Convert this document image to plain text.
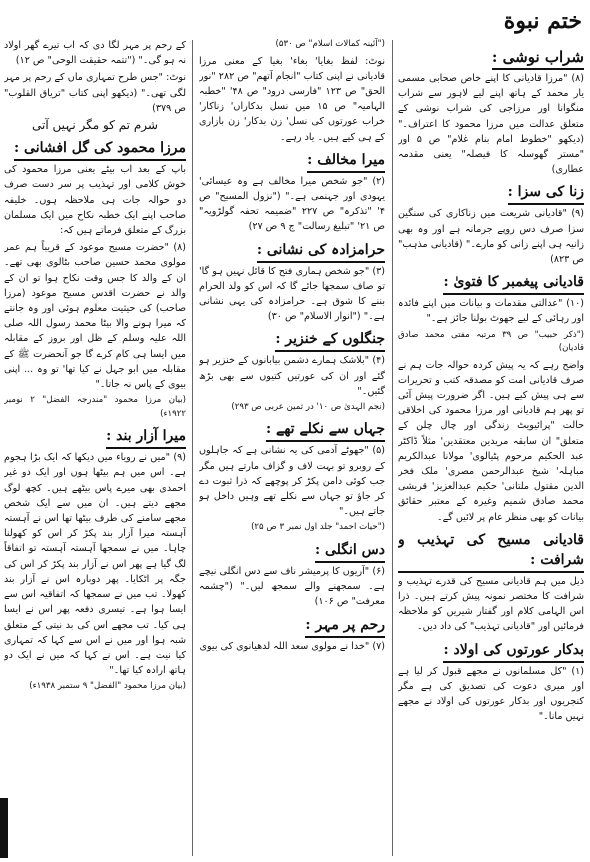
ختم نبوة
شراب نوشی :

(۸) "مرزا قادیانی کا اپنے خاص صحابی مسمی یار محمد کے ہاتھ اپنے لیے لاہور سے شراب منگوانا اور مرزاجی کی شراب نوشی کے متعلق عدالت میں مرزا محمود کا اعتراف۔" (دیکھو "خطوط امام بنام غلام" ص ۵ اور "مستر گھوسلہ کا فیصلہ" یعنی مقدمہ عطاری)

زنا کی سزا :

(۹) "قادیانی شریعت میں زناکاری کی سنگین سزا صرف دس روپے جرمانہ ہے اور وہ بھی زانیہ ہی اپنے زانی کو مارے۔" (قادیانی مذہب" ص ۸۲۳)

قادیانی پیغمبر کا فتویٰ :

(۱۰) "عدالتی مقدمات و بیانات میں اپنے فائدہ اور رہائی کے لیے جھوٹ بولنا جائز ہے۔"

("ذکر حبیب" ص ۳۹ مرتبہ مفتی محمد صادق قادیان)

واضح رہے کہ یہ پیش کردہ حوالہ جات ہم نے صرف قادیانی امت کو مصدقہ کتب و تحریرات سے ہی پیش کیے ہیں۔ اگر ضرورت پیش آئی تو پھر ہم قادیانی اور مرزا محمود کی اخلاقی حالت "پرائیویٹ زندگی اور چال چلن کے متعلق" ان سابقہ مریدین معتقدین' مثلاً ڈاکٹر عبد الحکیم مرحوم پٹیالوی' مولانا عبدالکریم مباہلہ' شیخ عبدالرحمن مصری' ملک فخر الدین مقتول ملتانی' حکیم عبدالعزیز' قریشی محمد صادق شمیم وغیرہ کے معتبر حقائق بیانات کو بھی منظر عام پر لائیں گے۔

قادیانی مسیح کی تہذیب و شرافت :

ذیل میں ہم قادیانی مسیح کی قدرے تہذیب و شرافت کا مختصر نمونہ پیش کرتے ہیں۔ ذرا اس الہامی کلام اور گفتار شیریں کو ملاحظہ فرمائیں اور "قادیانی تہذیب" کی داد دیں۔

بدکار عورتوں کی اولاد :

(۱) "کل مسلمانوں نے مجھے قبول کر لیا ہے اور میری دعوت کی تصدیق کی ہے مگر کنجریوں اور بدکار عورتوں کی اولاد نے مجھے نہیں مانا۔"

("آئینہ کمالات اسلام" ص ۵۳۰)

نوٹ: لفظ بغایا' بغاء' بغیا کے معنی مرزا قادیانی نے اپنی کتاب "انجام آتھم" ص ۲۸۲ "نور الحق" ص ۱۲۳ "فارسی درود" ص ۴۸' "خطبہ الہامیہ" ص ۱۵ میں نسل بدکاراں' زناکار' خراب عورتوں کی نسل' زن بدکار' زن بازاری کے ہی کیے ہیں۔ یاد رہے۔

میرا مخالف :

(۲) "جو شخص میرا مخالف ہے وہ عیسائی' یہودی اور جہنمی ہے۔" ("نزول المسیح" ص ۴' "تذکرہ" ص ۲۲۷ "ضمیمہ تحفہ گولڑویہ" ص ۲۱' "تبلیغ رسالت" ج ۹ ص ۲۷)

حرامزادہ کی نشانی :

(۳) "جو شخص ہماری فتح کا قائل نہیں ہو گا' تو صاف سمجھا جائے گا کہ اس کو ولد الحرام بننے کا شوق ہے۔ حرامزادہ کی یہی نشانی ہے۔" ("انوار الاسلام" ص ۳۰)

جنگلوں کے خنزیر :

(۴) "بلاشک ہمارے دشمن بیابانوں کے خنزیر ہو گئے اور ان کی عورتیں کتیوں سے بھی بڑھ گئیں۔"

(نجم الہدیٰ ص ۱۰' در ثمین عربی ص ۲۹۳)

جہاں سے نکلے تھے :

(۵) "جھوٹے آدمی کی یہ نشانی ہے کہ جاہلوں کے روبرو تو بہت لاف و گزاف مارتے ہیں مگر جب کوئی دامن پکڑ کر پوچھے کہ ذرا ثبوت دے کر جاؤ تو جہاں سے نکلے تھے وہیں داخل ہو جاتے ہیں۔"

("حیات احمد" جلد اول نمبر ۳ ص ۲۵)

دس انگلی :

(۶) "آریوں کا پرمیشر ناف سے دس انگلی نیچے ہے۔ سمجھنے والے سمجھ لیں۔" ("چشمہ معرفت" ص ۱۰۶)

رحم پر مہر :

(۷) "خدا نے مولوی سعد اللہ لدھیانوی کی بیوی

کے رحم پر مہر لگا دی کہ اب تیرے گھر اولاد نہ ہو گی۔" ("تتمہ حقیقت الوحی" ص ۱۲)

نوٹ: "جس طرح تمہاری ماں کے رحم پر مہر لگی تھی۔" (دیکھو اپنی کتاب "تریاق القلوب" ص ۳۷۹)

شرم تم کو مگر نہیں آتی

مرزا محمود کی گل افشانی :

باپ کے بعد اب بیٹے یعنی مرزا محمود کی خوش کلامی اور تہذیب پر سر دست صرف دو حوالہ جات ہی ملاحظہ ہوں۔ خلیفہ صاحب اپنے ایک خطبہ نکاح میں ایک مسلمان بزرگ کے متعلق فرماتے ہیں کہ:

(۸) "حضرت مسیح موعود کے قریباً ہم عمر مولوی محمد حسین صاحب بٹالوی بھی تھے۔ ان کے والد کا جس وقت نکاح ہوا تو ان کے والد نے حضرت اقدس مسیح موعود (مرزا صاحب) کی حیثیت معلوم ہوئی اور وہ جانتے کہ میرا ہونے والا بیٹا محمد رسول اللہ صلی اللہ علیہ وسلم کے ظل اور بروز کے مقابلہ میں ایسا ہی کام کرے گا جو آنحضرت ﷺ کے مقابلہ میں ابو جہل نے کیا تھا' تو وہ ... اپنی بیوی کے پاس نہ جاتا۔"

(بیان مرزا محمود "مندرجہ الفضل" ۲ نومبر ۱۹۲۲ء)

میرا آزار بند :

(۹) "میں نے رویاء میں دیکھا کہ ایک بڑا ہجوم ہے۔ اس میں ہم بیٹھا ہوں اور ایک دو غیر احمدی بھی میرے پاس بیٹھے ہیں۔ کچھ لوگ مجھے دیتے ہیں۔ ان میں سے ایک شخص مجھے سامنے کی طرف بیٹھا تھا اس نے آہستہ آہستہ میرا آزار بند پکڑ کر اس کو کھولنا چاہا۔ میں نے سمجھا آہستہ آہستہ تو اتفاقاً لگ گیا ہے پھر اس نے آزار بند پکڑ کر اس کی جگہ پر اٹکایا۔ پھر دوبارہ اس نے آزار بند کھولا۔ تب میں نے سمجھا کہ اتفاقیہ اس سے ایسا ہوا ہے۔ تیسری دفعہ پھر اس نے ایسا ہی کیا۔ تب مجھے اس کی بد نیتی کے متعلق شبہ ہوا اور میں نے اس سے کہا کہ تمہاری کیا نیت ہے۔ اس نے کہا کہ میں نے ایک دو ہاتھ ارادہ کیا تھا۔"

(بیان مرزا محمود "الفضل" ۹ ستمبر ۱۹۳۸ء)
